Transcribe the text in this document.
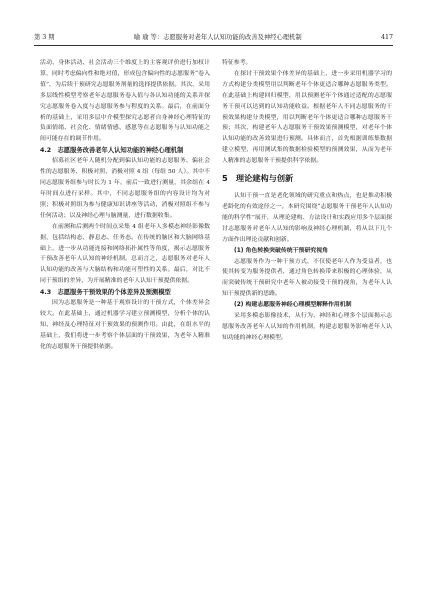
第 3 期	喻 瑜 等：志愿服务对老年人认知功能的改善及神经心理机制	417

活动、身体活动、社会活动三个维度上的主客观评价进行加权计算，同时考虑偏向性和绝对值，形成包含偏向性的志愿服务“卷入值”，为后续干预研究志愿服务剂量的选择提供依据。其次，采用多层线性模型考察老年志愿服务卷入值与各认知功能的关系并探究志愿服务卷入度与志愿服务参与程度的关系。最后，在前面分析的基础上，采用多层中介模型探究志愿者自身神经心理特征的负面情绪、社会化、情绪情感、感恩等在志愿服务与认知功能之间可能存在的调节作用。

4.2　志愿服务改善老年人认知功能的神经心理机制

招募社区老年人随机分配到偏认知功能的志愿服务、偏社会性的志愿服务、积极对照、消极对照 4 组（每组 50 人）。其中不同志愿服务组参与时长为 1 年，前后一致进行测量，其余组在 4 年时间点进行采样。其中，不同志愿服务组的内容设计均为对照；积极对照组为参与健康知识讲座等活动，消极对照组不参与任何活动；以及神经心理与脑测量，进行数据收集。

在前测和后测两个时间点采集 4 组老年人多模态神经影像数据，包括结构态、静息态、任务态。在传统的脑区和大脑网络基础上，进一步从功能连接和网络拓扑属性等角度，揭示志愿服务干预改善老年人认知的神经机制。总而言之，志愿服务对老年人认知功能的改善与大脑结构和功能可塑性的关系。最后，对比不同干预组的差异，为开展精准的老年人认知干预提供依据。

4.3　志愿服务干预效果的个体差异及预测模型

因为志愿服务是一种基于观察设计的干预方式，个体差异会较大。在此基础上，通过机器学习建立预测模型，分析个体的认知、神经及心理特征对干预效果的预测作用。由此，在组水平的基础上，我们将进一步考察个体层面的干预效果，为老年人精准化的志愿服务干预提供依据。

特征参考。

在探讨干预效果个体差异的基础上，进一步采用机器学习的方式构建分类模型用以判断老年个体更适合哪种志愿服务类型。在此基础上构建回归模型，用以预测老年个体通过适配的志愿服务干预可以达到的认知功能收益。根据老年人不同志愿服务的干预效果构建分类模型，用以判断老年个体更适合哪种志愿服务干预；其次，构建老年人志愿服务干预效果预测模型，对老年个体认知功能的改善效果进行预测。具体而言，首先根据训练集数据建立模型，再用测试集的数据检验模型的预测效果，从而为老年人精准的志愿服务干预提供科学依据。

5　理论建构与创新

认知干预一直是老化领域的研究重点和热点，也是推动积极老龄化的有效途径之一。本研究围绕“志愿服务干预老年人认知功能的科学性”展开，从理论建构、方法设计和实践应用多个层面探讨志愿服务对老年人认知的影响及神经心理机制，将从以下几个方面作出理论贡献和创新。

(1) 角色转换突破传统干预研究视角

志愿服务作为一种干预方式，不仅使老年人作为受益者，也使其转变为服务提供者，通过角色转换带来积极的心理体验，从而突破传统干预研究中老年人被动接受干预的视角，为老年人认知干预提供新的思路。

(2) 构建志愿服务神经心理模型解释作用机制

采用多模态影像技术，从行为、神经和心理多个层面揭示志愿服务改善老年人认知的作用机制，构建志愿服务影响老年人认知功能的神经心理模型。
